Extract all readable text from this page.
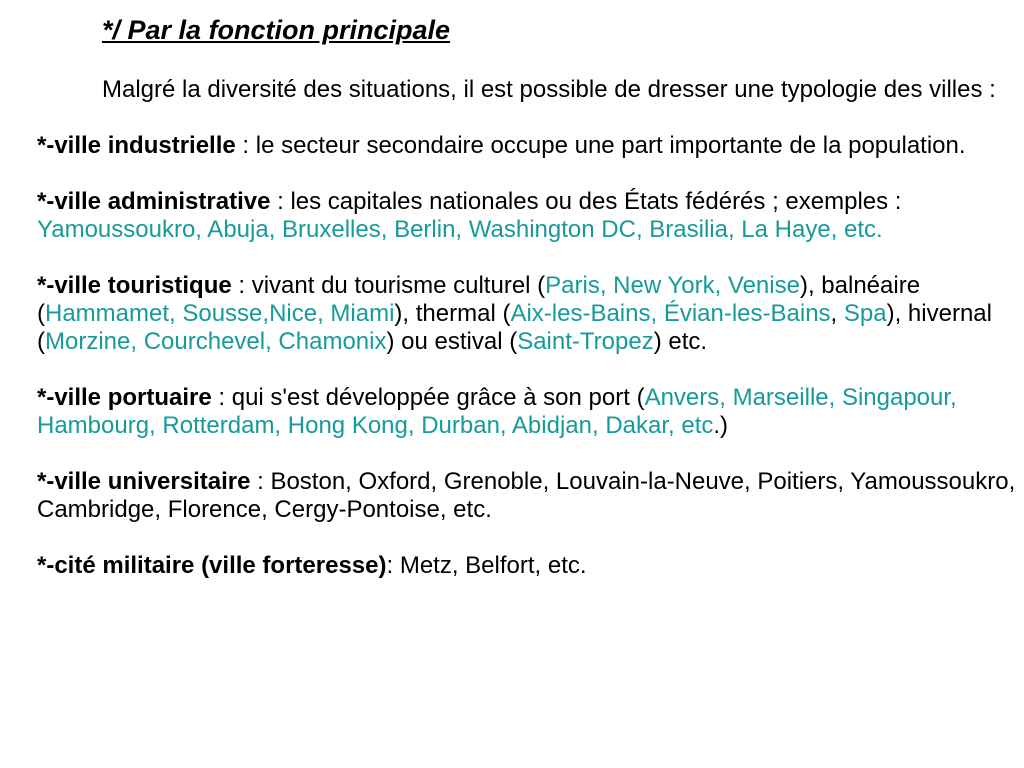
*/ Par la fonction principale

Malgré la diversité des situations, il est possible de dresser une typologie des villes :

*-ville industrielle : le secteur secondaire occupe une part importante de la population.

*-ville administrative : les capitales nationales ou des États fédérés ; exemples : Yamoussoukro, Abuja, Bruxelles, Berlin, Washington DC, Brasilia, La Haye, etc.

*-ville touristique : vivant du tourisme culturel (Paris, New York, Venise), balnéaire (Hammamet, Sousse,Nice, Miami), thermal (Aix-les-Bains, Évian-les-Bains, Spa), hivernal (Morzine, Courchevel, Chamonix) ou estival (Saint-Tropez) etc.

*-ville portuaire : qui s'est développée grâce à son port (Anvers, Marseille, Singapour, Hambourg, Rotterdam, Hong Kong, Durban, Abidjan, Dakar, etc.)

*-ville universitaire : Boston, Oxford, Grenoble, Louvain-la-Neuve, Poitiers, Yamoussoukro, Cambridge, Florence, Cergy-Pontoise, etc.

*-cité militaire (ville forteresse): Metz, Belfort, etc.
